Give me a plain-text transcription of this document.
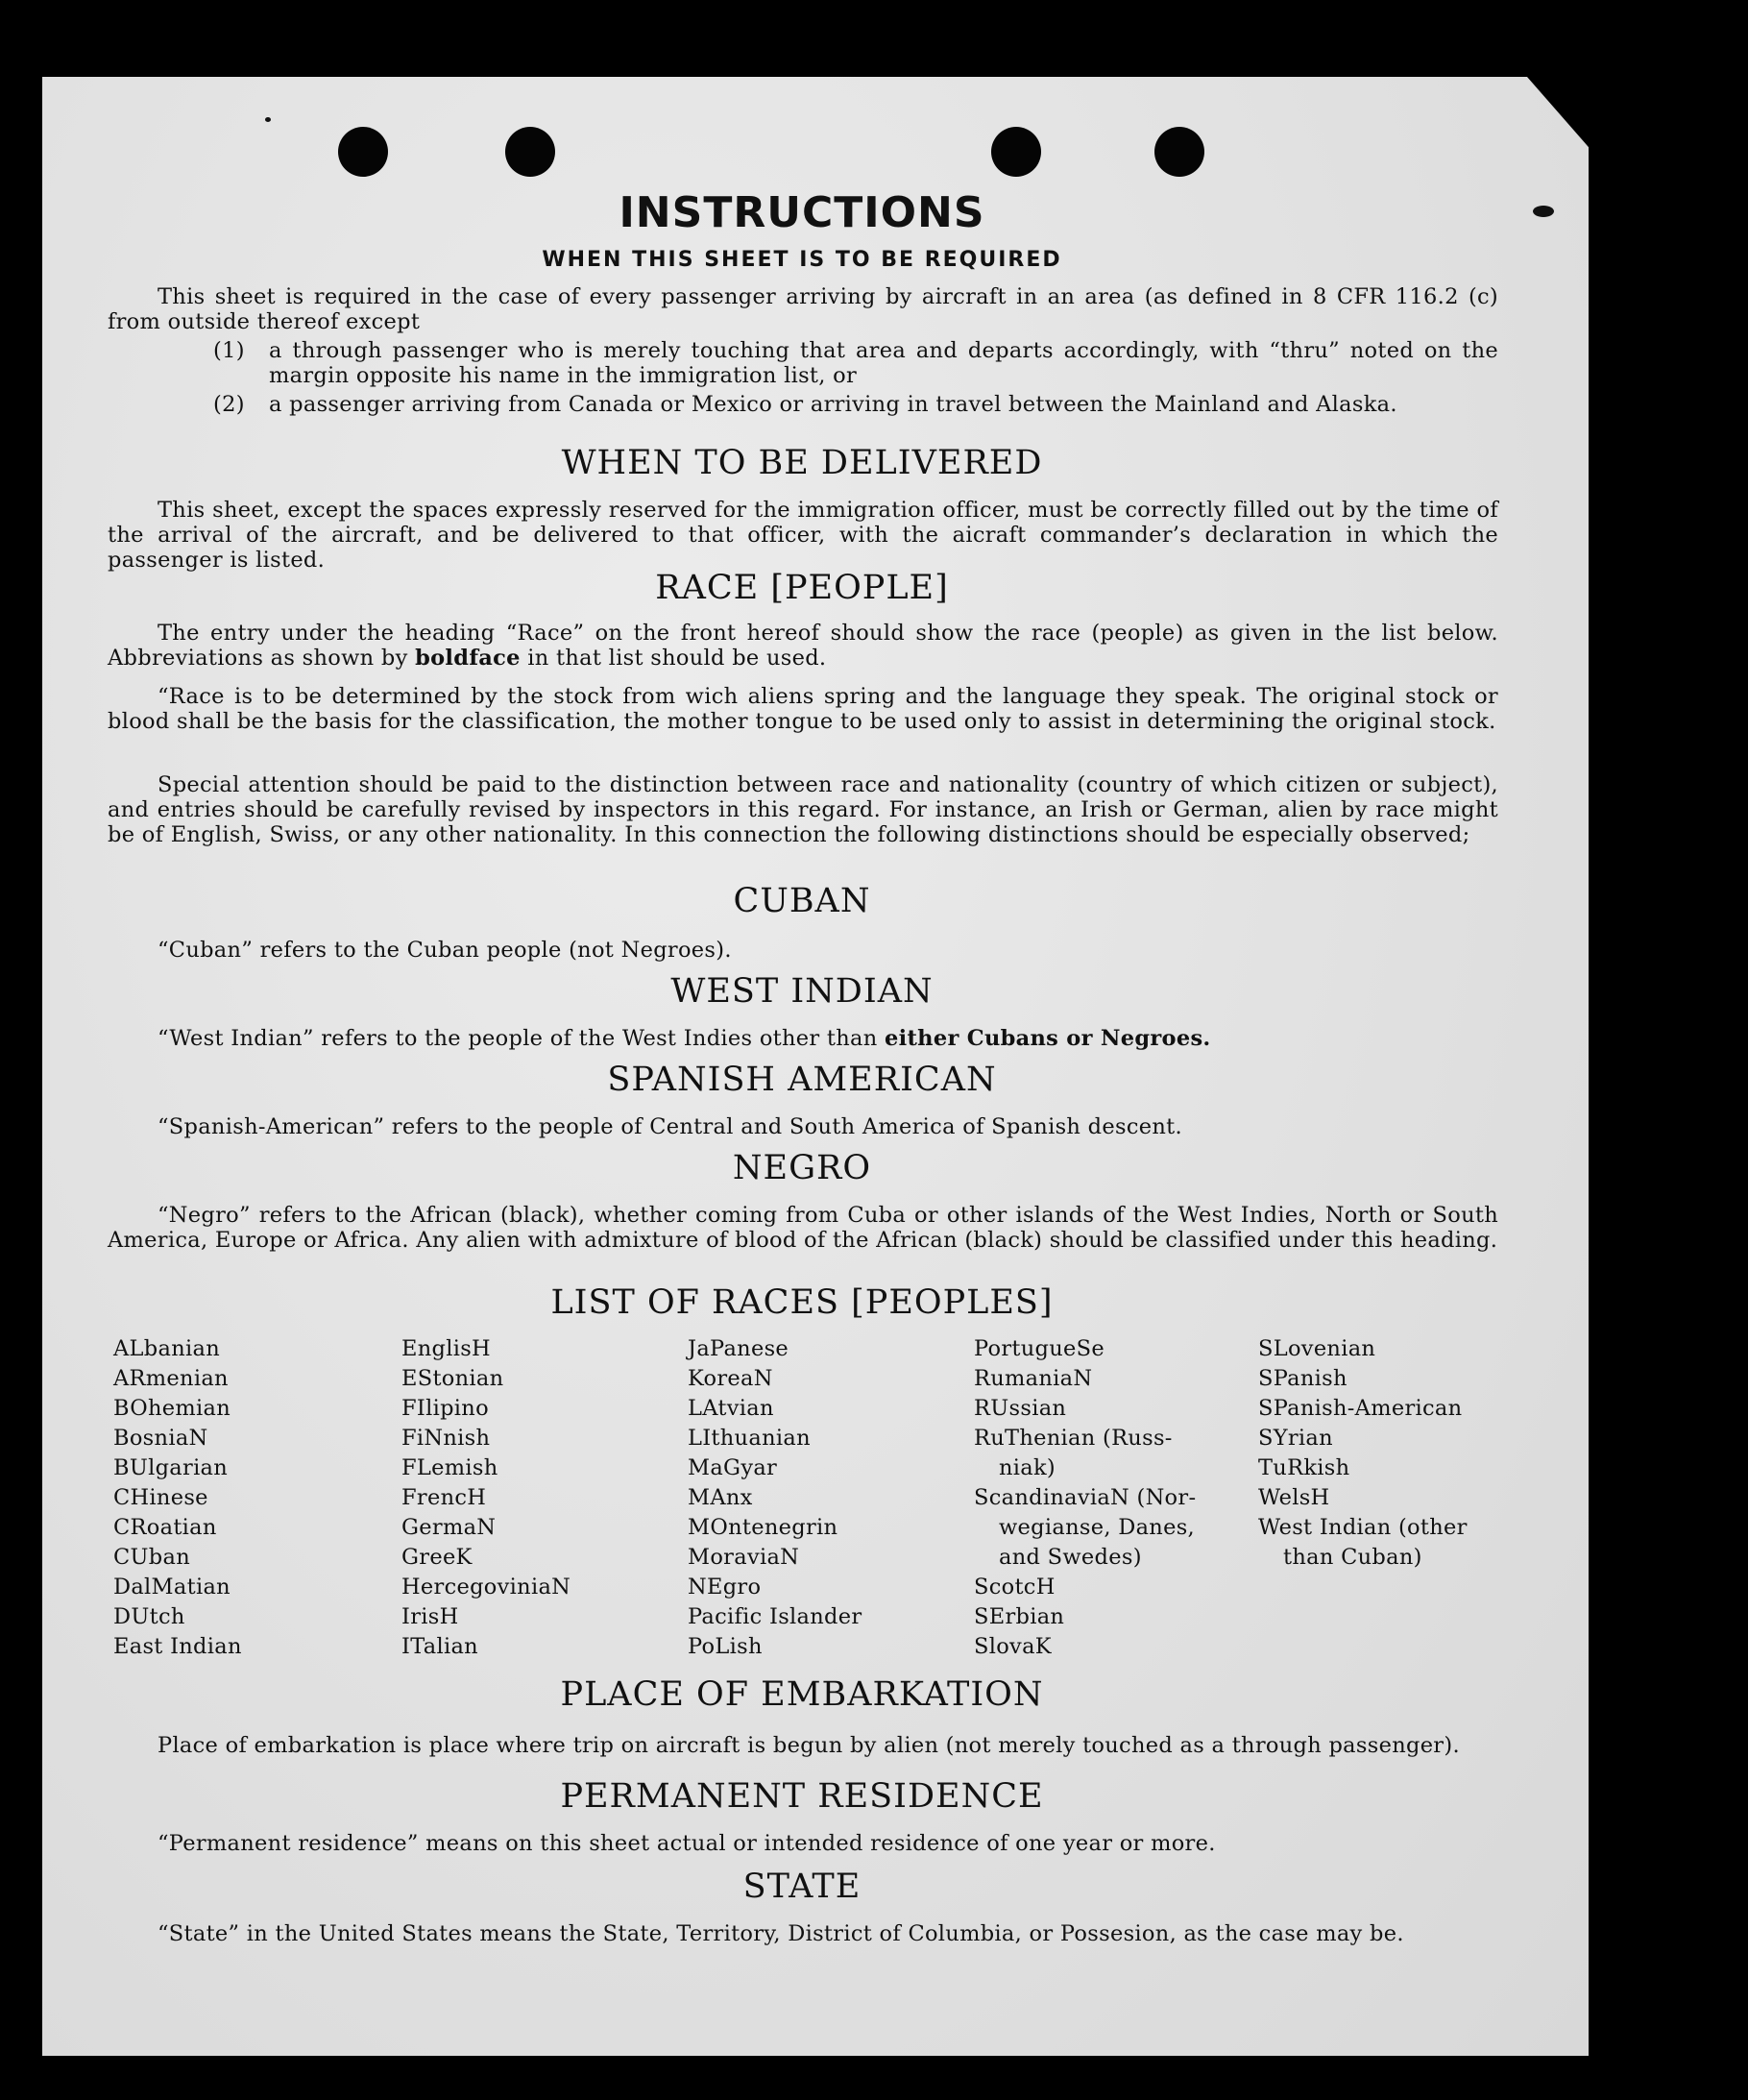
INSTRUCTIONS
WHEN THIS SHEET IS TO BE REQUIRED
This sheet is required in the case of every passenger arriving by aircraft in an area (as defined in 8 CFR 116.2 (c) from outside thereof except
(1) a through passenger who is merely touching that area and departs accordingly, with “thru” noted on the margin opposite his name in the immigration list, or
(2) a passenger arriving from Canada or Mexico or arriving in travel between the Mainland and Alaska.
WHEN TO BE DELIVERED
This sheet, except the spaces expressly reserved for the immigration officer, must be correctly filled out by the time of the arrival of the aircraft, and be delivered to that officer, with the aicraft commander’s declaration in which the passenger is listed.
RACE [PEOPLE]
The entry under the heading “Race” on the front hereof should show the race (people) as given in the list below. Abbreviations as shown by boldface in that list should be used.
“Race is to be determined by the stock from wich aliens spring and the language they speak. The original stock or blood shall be the basis for the classification, the mother tongue to be used only to assist in determining the original stock.
Special attention should be paid to the distinction between race and nationality (country of which citizen or subject), and entries should be carefully revised by inspectors in this regard. For instance, an Irish or German, alien by race might be of English, Swiss, or any other nationality. In this connection the following distinctions should be especially observed;
CUBAN
“Cuban” refers to the Cuban people (not Negroes).
WEST INDIAN
“West Indian” refers to the people of the West Indies other than either Cubans or Negroes.
SPANISH AMERICAN
“Spanish-American” refers to the people of Central and South America of Spanish descent.
NEGRO
“Negro” refers to the African (black), whether coming from Cuba or other islands of the West Indies, North or South America, Europe or Africa. Any alien with admixture of blood of the African (black) should be classified under this heading.
LIST OF RACES [PEOPLES]
ALbanian
ARmenian
BOhemian
BosniaN
BUlgarian
CHinese
CRoatian
CUban
DalMatian
DUtch
East Indian
EnglisH
EStonian
FIlipino
FiNnish
FLemish
FrencH
GermaN
GreeK
HercegoviniaN
IrisH
ITalian
JaPanese
KoreaN
LAtvian
LIthuanian
MaGyar
MAnx
MOntenegrin
MoraviaN
NEgro
Pacific Islander
PoLish
PortugueSe
RumaniaN
RUssian
RuThenian (Russ-
niak)
ScandinaviaN (Nor-
wegianse, Danes,
and Swedes)
ScotcH
SErbian
SlovaK
SLovenian
SPanish
SPanish-American
SYrian
TuRkish
WelsH
West Indian (other
than Cuban)
PLACE OF EMBARKATION
Place of embarkation is place where trip on aircraft is begun by alien (not merely touched as a through passenger).
PERMANENT RESIDENCE
“Permanent residence” means on this sheet actual or intended residence of one year or more.
STATE
“State” in the United States means the State, Territory, District of Columbia, or Possesion, as the case may be.
